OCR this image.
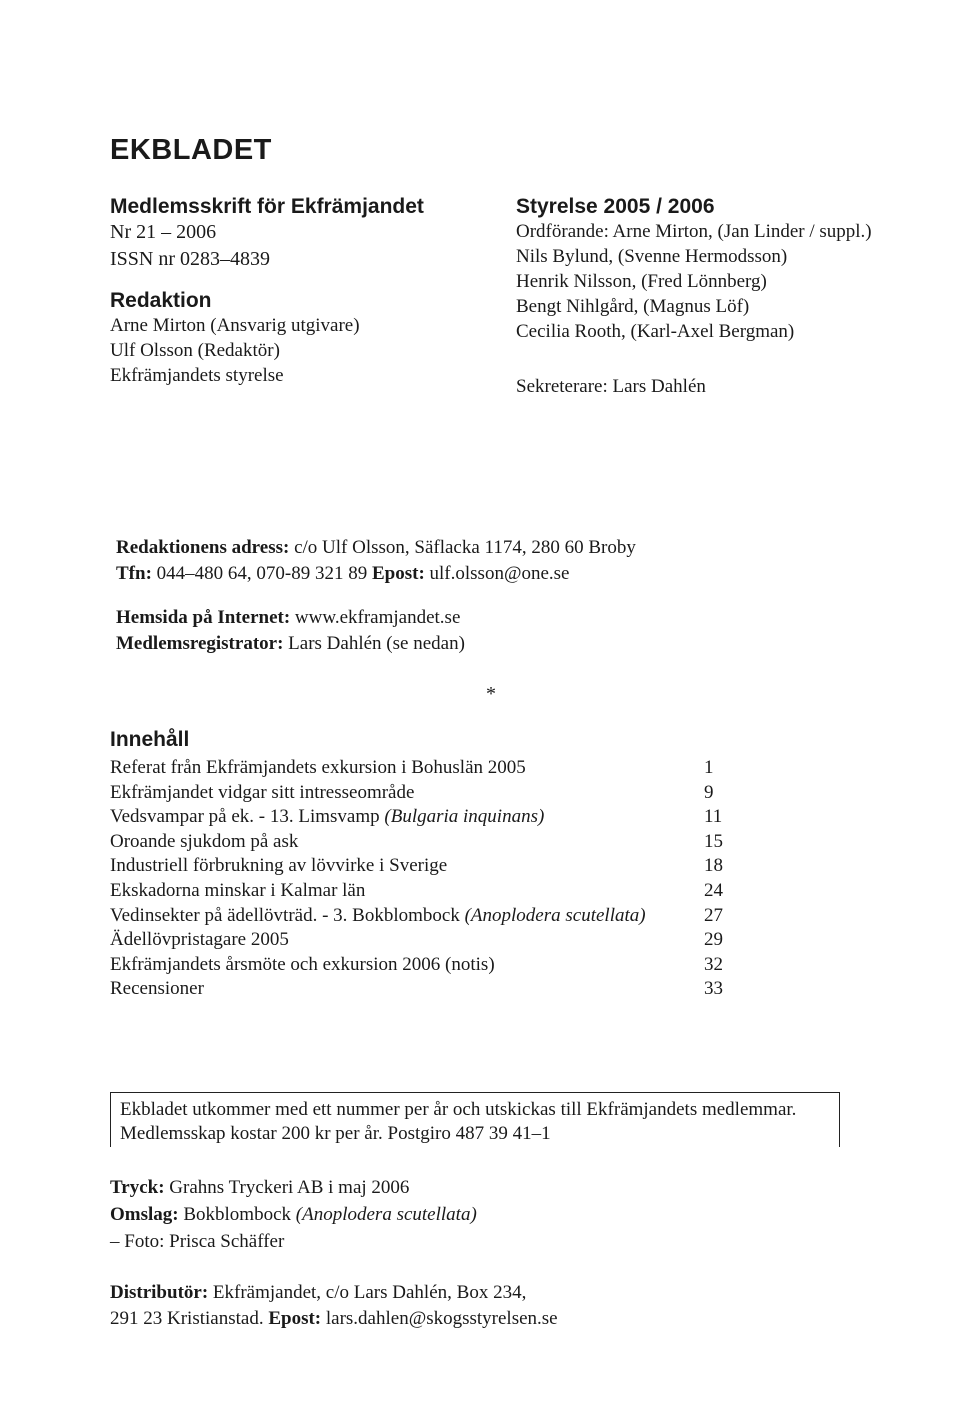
EKBLADET
Medlemsskrift för Ekfrämjandet
Nr 21 – 2006
ISSN nr 0283–4839
Redaktion
Arne Mirton (Ansvarig utgivare)
Ulf Olsson (Redaktör)
Ekfrämjandets styrelse
Styrelse 2005 / 2006
Ordförande: Arne Mirton, (Jan Linder / suppl.)
Nils Bylund, (Svenne Hermodsson)
Henrik Nilsson, (Fred Lönnberg)
Bengt Nihlgård, (Magnus Löf)
Cecilia Rooth, (Karl-Axel Bergman)
Sekreterare: Lars Dahlén
Redaktionens adress: c/o Ulf Olsson, Säflacka 1174, 280 60 Broby
Tfn: 044–480 64, 070-89 321 89 Epost: ulf.olsson@one.se
Hemsida på Internet: www.ekframjandet.se
Medlemsregistrator: Lars Dahlén (se nedan)
*
Innehåll
Referat från Ekfrämjandets exkursion i Bohuslän 2005	1
Ekfrämjandet vidgar sitt intresseområde	9
Vedsvampar på ek. - 13. Limsvamp (Bulgaria inquinans)	11
Oroande sjukdom på ask	15
Industriell förbrukning av lövvirke i Sverige	18
Ekskadorna minskar i Kalmar län	24
Vedinsekter på ädellövträd. - 3. Bokblombock (Anoplodera scutellata)	27
Ädellövpristagare 2005	29
Ekfrämjandets årsmöte och exkursion 2006 (notis)	32
Recensioner	33
Ekbladet utkommer med ett nummer per år och utskickas till Ekfrämjandets medlemmar.
Medlemsskap kostar 200 kr per år. Postgiro 487 39 41–1
Tryck: Grahns Tryckeri AB i maj 2006
Omslag: Bokblombock (Anoplodera scutellata)
– Foto: Prisca Schäffer
Distributör: Ekfrämjandet, c/o Lars Dahlén, Box 234,
291 23 Kristianstad. Epost: lars.dahlen@skogsstyrelsen.se
